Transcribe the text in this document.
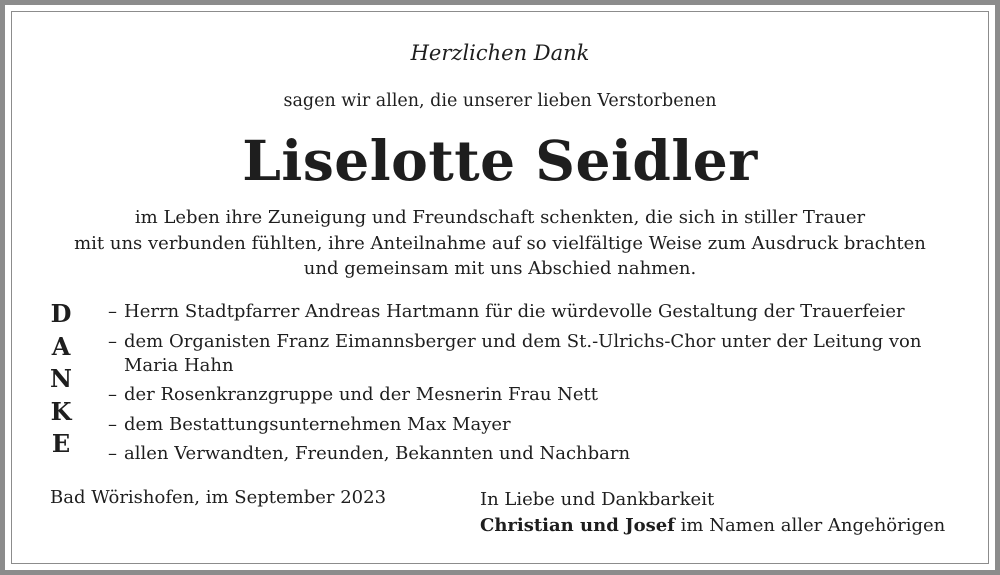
Herzlichen Dank
sagen wir allen, die unserer lieben Verstorbenen
Liselotte Seidler
im Leben ihre Zuneigung und Freundschaft schenkten, die sich in stiller Trauer
mit uns verbunden fühlten, ihre Anteilnahme auf so vielfältige Weise zum Ausdruck brachten
und gemeinsam mit uns Abschied nahmen.
D
A
N
K
E
– Herrn Stadtpfarrer Andreas Hartmann für die würdevolle Gestaltung der Trauerfeier
– dem Organisten Franz Eimannsberger und dem St.-Ulrichs-Chor unter der Leitung von Maria Hahn
– der Rosenkranzgruppe und der Mesnerin Frau Nett
– dem Bestattungsunternehmen Max Mayer
– allen Verwandten, Freunden, Bekannten und Nachbarn
Bad Wörishofen, im September 2023	In Liebe und Dankbarkeit
Christian und Josef im Namen aller Angehörigen
